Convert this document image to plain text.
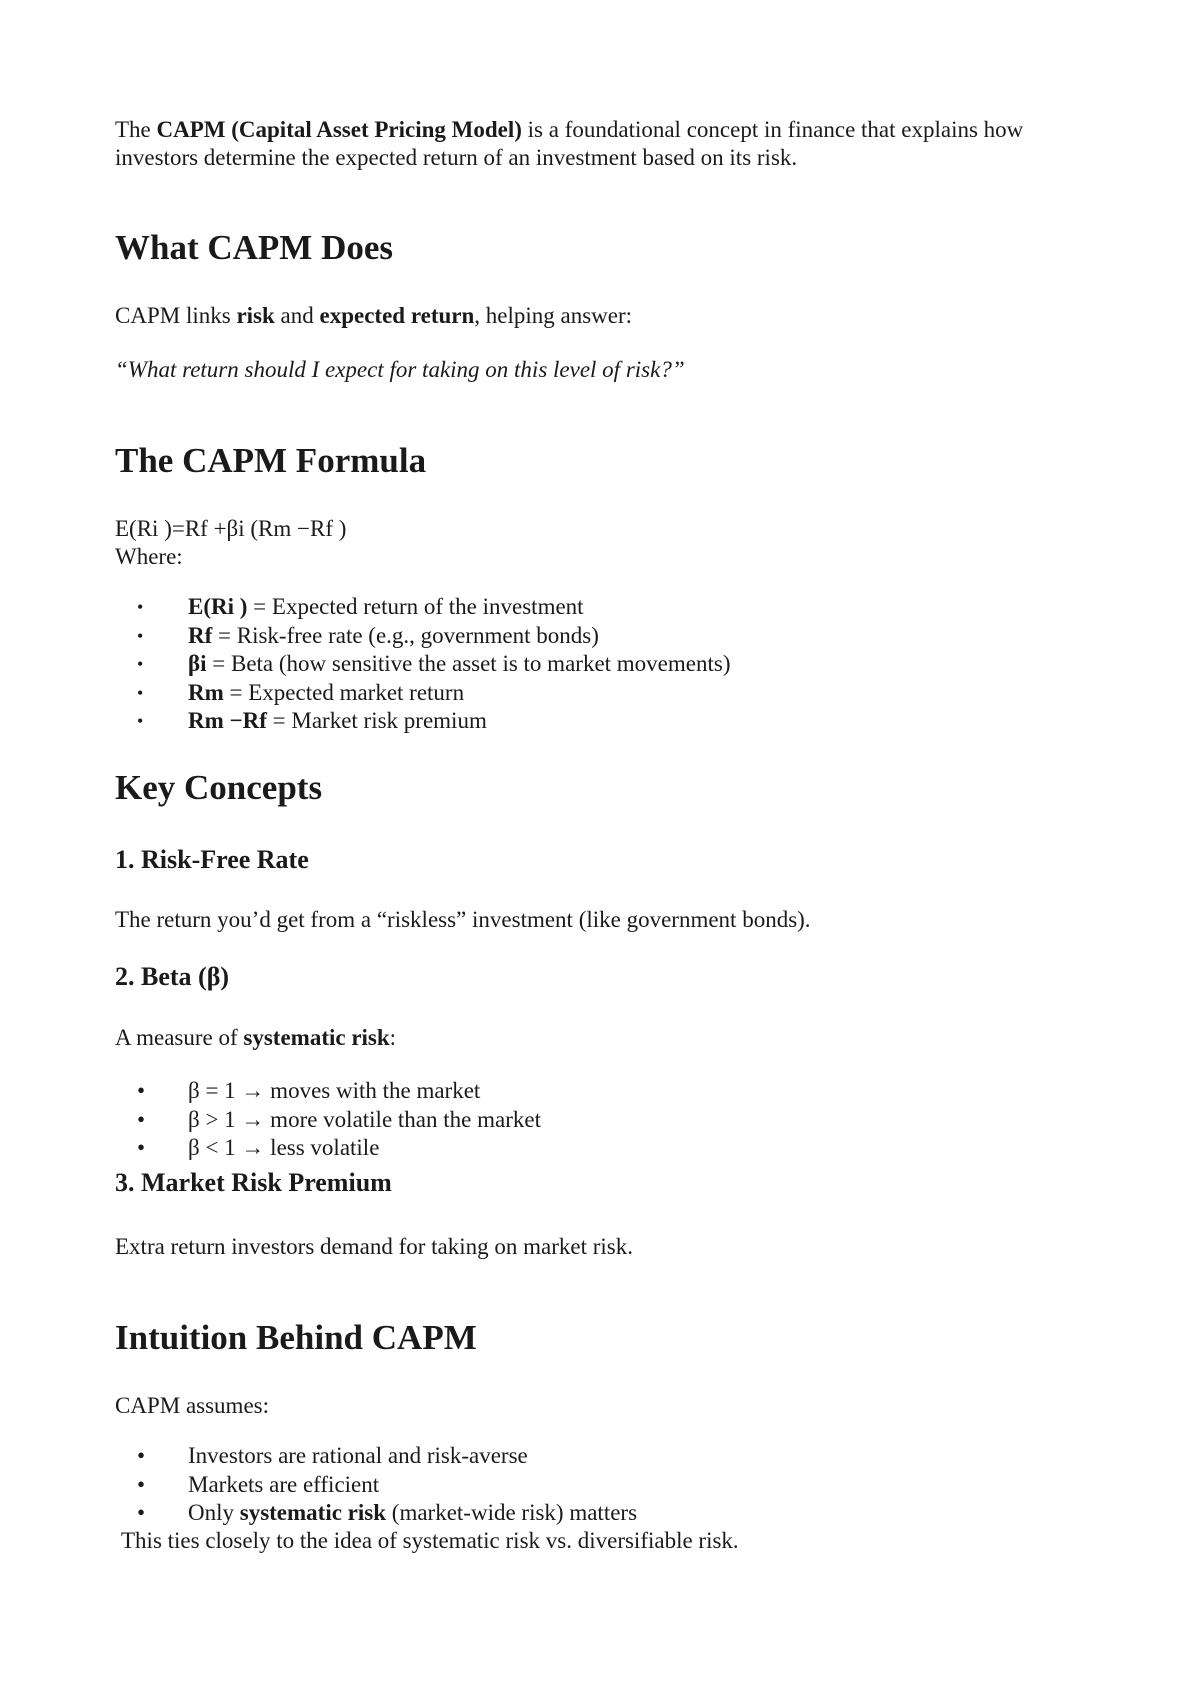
The CAPM (Capital Asset Pricing Model) is a foundational concept in finance that explains how
investors determine the expected return of an investment based on its risk.
What CAPM Does
CAPM links risk and expected return, helping answer:
“What return should I expect for taking on this level of risk?”
The CAPM Formula
E(Ri )=Rf +βi (Rm −Rf )
Where:
• E(Ri ) = Expected return of the investment
• Rf = Risk-free rate (e.g., government bonds)
• βi = Beta (how sensitive the asset is to market movements)
• Rm = Expected market return
• Rm −Rf = Market risk premium
Key Concepts
1. Risk-Free Rate
The return you’d get from a “riskless” investment (like government bonds).
2. Beta (β)
A measure of systematic risk:
• β = 1 → moves with the market
• β > 1 → more volatile than the market
• β < 1 → less volatile
3. Market Risk Premium
Extra return investors demand for taking on market risk.
Intuition Behind CAPM
CAPM assumes:
• Investors are rational and risk-averse
• Markets are efficient
• Only systematic risk (market-wide risk) matters
This ties closely to the idea of systematic risk vs. diversifiable risk.
